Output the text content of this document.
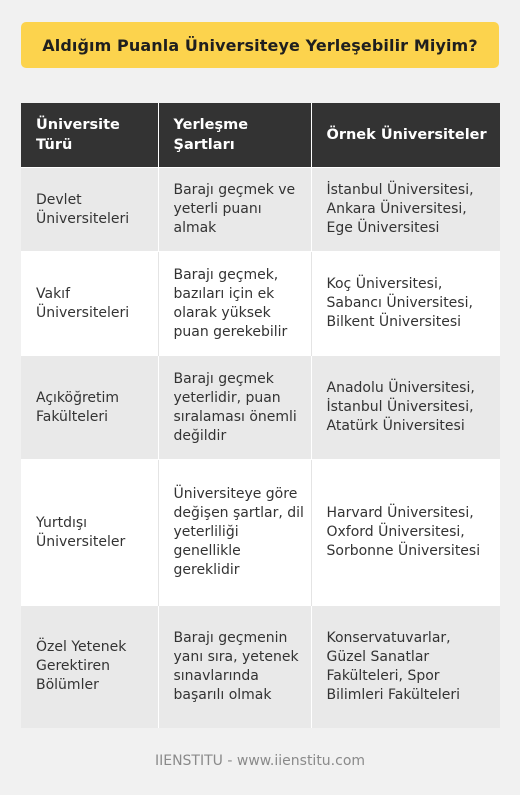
Aldığım Puanla Üniversiteye Yerleşebilir Miyim?
Üniversite Türü	Yerleşme Şartları	Örnek Üniversiteler
Devlet Üniversiteleri	Barajı geçmek ve yeterli puanı almak	İstanbul Üniversitesi, Ankara Üniversitesi, Ege Üniversitesi
Vakıf Üniversiteleri	Barajı geçmek, bazıları için ek olarak yüksek puan gerekebilir	Koç Üniversitesi, Sabancı Üniversitesi, Bilkent Üniversitesi
Açıköğretim Fakülteleri	Barajı geçmek yeterlidir, puan sıralaması önemli değildir	Anadolu Üniversitesi, İstanbul Üniversitesi, Atatürk Üniversitesi
Yurtdışı Üniversiteler	Üniversiteye göre değişen şartlar, dil yeterliliği genellikle gereklidir	Harvard Üniversitesi, Oxford Üniversitesi, Sorbonne Üniversitesi
Özel Yetenek Gerektiren Bölümler	Barajı geçmenin yanı sıra, yetenek sınavlarında başarılı olmak	Konservatuvarlar, Güzel Sanatlar Fakülteleri, Spor Bilimleri Fakülteleri
IIENSTITU - www.iienstitu.com
